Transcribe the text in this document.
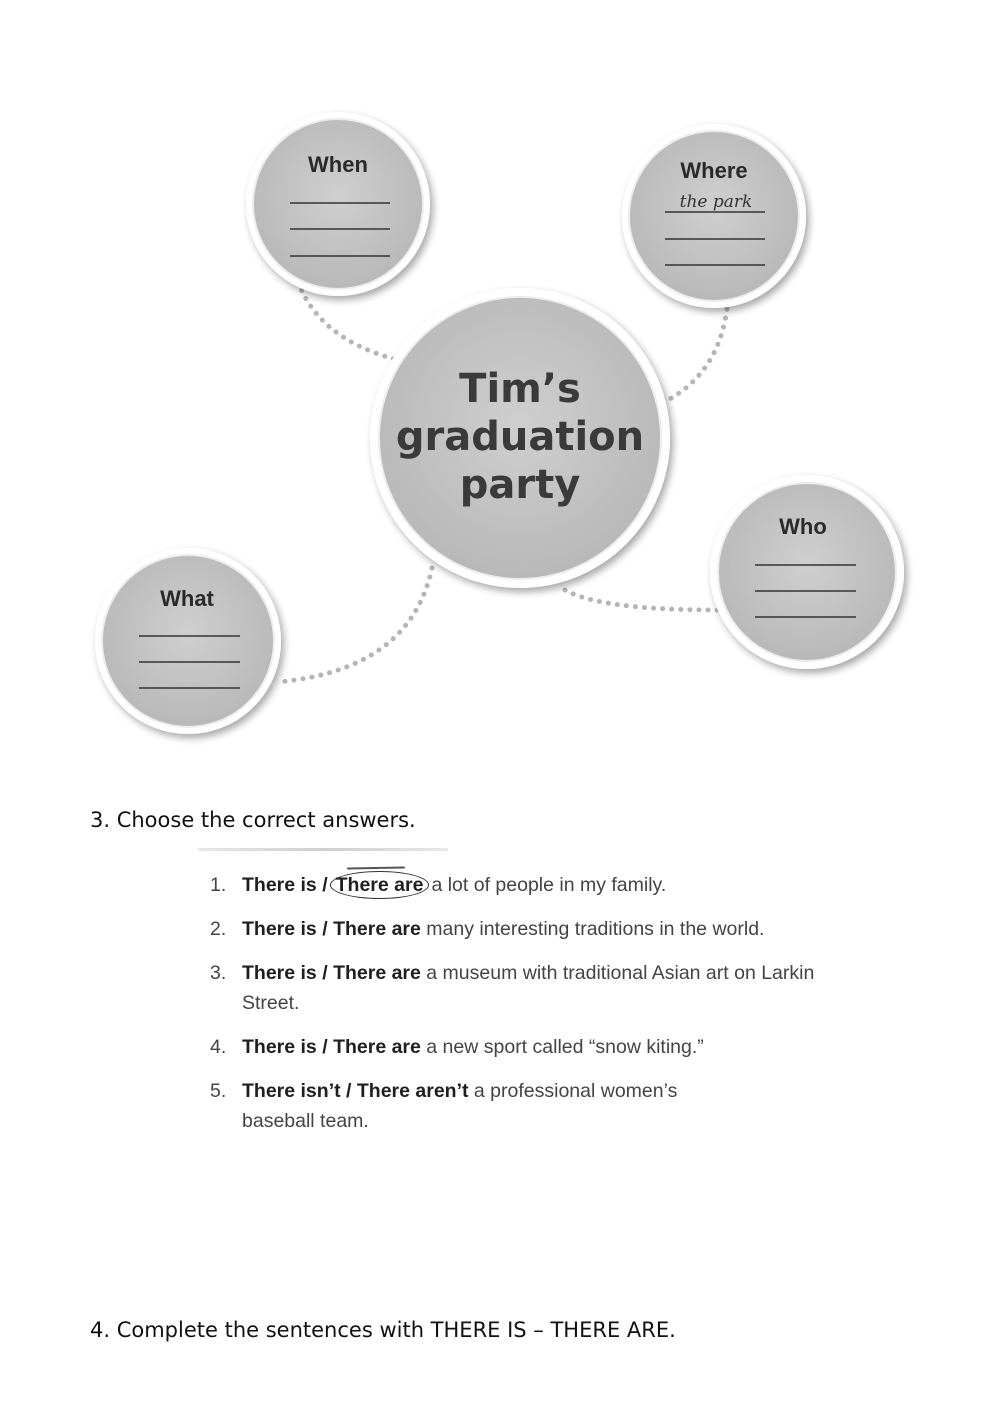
Tim’s
graduation
party
When	Where
the park
Who
What
3. Choose the correct answers.
1. There is / There are a lot of people in my family.
2. There is / There are many interesting traditions in the world.
3. There is / There are a museum with traditional Asian art on Larkin Street.
4. There is / There are a new sport called “snow kiting.”
5. There isn’t / There aren’t a professional women’s baseball team.
4. Complete the sentences with THERE IS – THERE ARE.
